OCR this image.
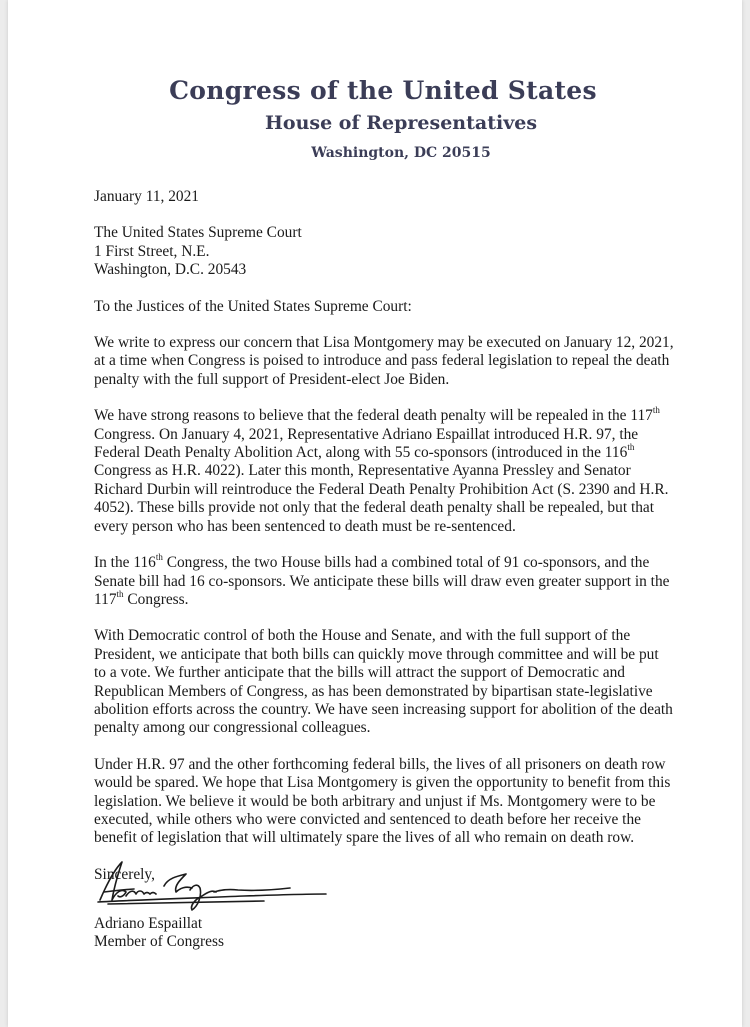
Congress of the United States
House of Representatives
Washington, DC 20515

January 11, 2021

The United States Supreme Court

1 First Street, N.E.

Washington, D.C. 20543

To the Justices of the United States Supreme Court:

We write to express our concern that Lisa Montgomery may be executed on January 12, 2021, at a time when Congress is poised to introduce and pass federal legislation to repeal the death penalty with the full support of President-elect Joe Biden.

We have strong reasons to believe that the federal death penalty will be repealed in the 117th Congress. On January 4, 2021, Representative Adriano Espaillat introduced H.R. 97, the Federal Death Penalty Abolition Act, along with 55 co-sponsors (introduced in the 116th Congress as H.R. 4022). Later this month, Representative Ayanna Pressley and Senator Richard Durbin will reintroduce the Federal Death Penalty Prohibition Act (S. 2390 and H.R. 4052). These bills provide not only that the federal death penalty shall be repealed, but that every person who has been sentenced to death must be re-sentenced.

In the 116th Congress, the two House bills had a combined total of 91 co-sponsors, and the Senate bill had 16 co-sponsors. We anticipate these bills will draw even greater support in the 117th Congress.

With Democratic control of both the House and Senate, and with the full support of the President, we anticipate that both bills can quickly move through committee and will be put to a vote. We further anticipate that the bills will attract the support of Democratic and Republican Members of Congress, as has been demonstrated by bipartisan state-legislative abolition efforts across the country. We have seen increasing support for abolition of the death penalty among our congressional colleagues.

Under H.R. 97 and the other forthcoming federal bills, the lives of all prisoners on death row would be spared. We hope that Lisa Montgomery is given the opportunity to benefit from this legislation. We believe it would be both arbitrary and unjust if Ms. Montgomery were to be executed, while others who were convicted and sentenced to death before her receive the benefit of legislation that will ultimately spare the lives of all who remain on death row.

Sincerely,

Adriano Espaillat
Member of Congress
